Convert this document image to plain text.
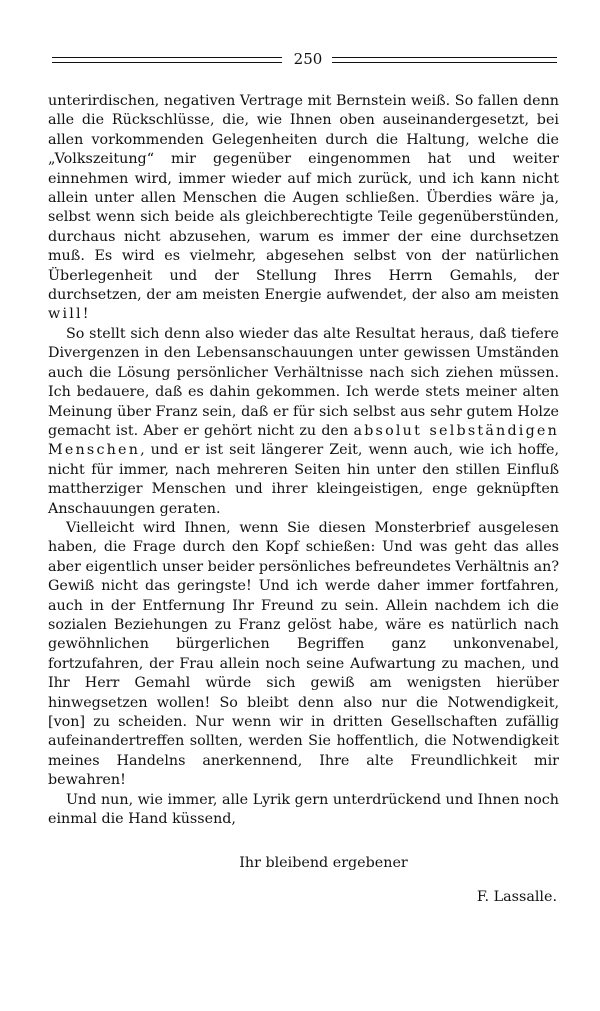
250

unterirdischen, negativen Vertrage mit Bernstein weiß. So fallen denn alle die Rückschlüsse, die, wie Ihnen oben auseinandergesetzt, bei allen vorkommenden Gelegenheiten durch die Haltung, welche die „Volkszeitung“ mir gegenüber eingenommen hat und weiter einnehmen wird, immer wieder auf mich zurück, und ich kann nicht allein unter allen Menschen die Augen schließen. Überdies wäre ja, selbst wenn sich beide als gleichberechtigte Teile gegenüberstünden, durchaus nicht abzusehen, warum es immer der eine durchsetzen muß. Es wird es vielmehr, abgesehen selbst von der natürlichen Überlegenheit und der Stellung Ihres Herrn Gemahls, der durchsetzen, der am meisten Energie aufwendet, der also am meisten will!

So stellt sich denn also wieder das alte Resultat heraus, daß tiefere Divergenzen in den Lebensanschauungen unter gewissen Umständen auch die Lösung persönlicher Verhältnisse nach sich ziehen müssen. Ich bedauere, daß es dahin gekommen. Ich werde stets meiner alten Meinung über Franz sein, daß er für sich selbst aus sehr gutem Holze gemacht ist. Aber er gehört nicht zu den absolut selbständigen Menschen, und er ist seit längerer Zeit, wenn auch, wie ich hoffe, nicht für immer, nach mehreren Seiten hin unter den stillen Einfluß mattherziger Menschen und ihrer kleingeistigen, enge geknüpften Anschauungen geraten.

Vielleicht wird Ihnen, wenn Sie diesen Monsterbrief ausgelesen haben, die Frage durch den Kopf schießen: Und was geht das alles aber eigentlich unser beider persönliches befreundetes Verhältnis an? Gewiß nicht das geringste! Und ich werde daher immer fortfahren, auch in der Entfernung Ihr Freund zu sein. Allein nachdem ich die sozialen Beziehungen zu Franz gelöst habe, wäre es natürlich nach gewöhnlichen bürgerlichen Begriffen ganz unkonvenabel, fortzufahren, der Frau allein noch seine Aufwartung zu machen, und Ihr Herr Gemahl würde sich gewiß am wenigsten hierüber hinwegsetzen wollen! So bleibt denn also nur die Notwendigkeit, [von] zu scheiden. Nur wenn wir in dritten Gesellschaften zufällig aufeinandertreffen sollten, werden Sie hoffentlich, die Notwendigkeit meines Handelns anerkennend, Ihre alte Freundlichkeit mir bewahren!

Und nun, wie immer, alle Lyrik gern unterdrückend und Ihnen noch einmal die Hand küssend,

Ihr bleibend ergebener
F. Lassalle.
